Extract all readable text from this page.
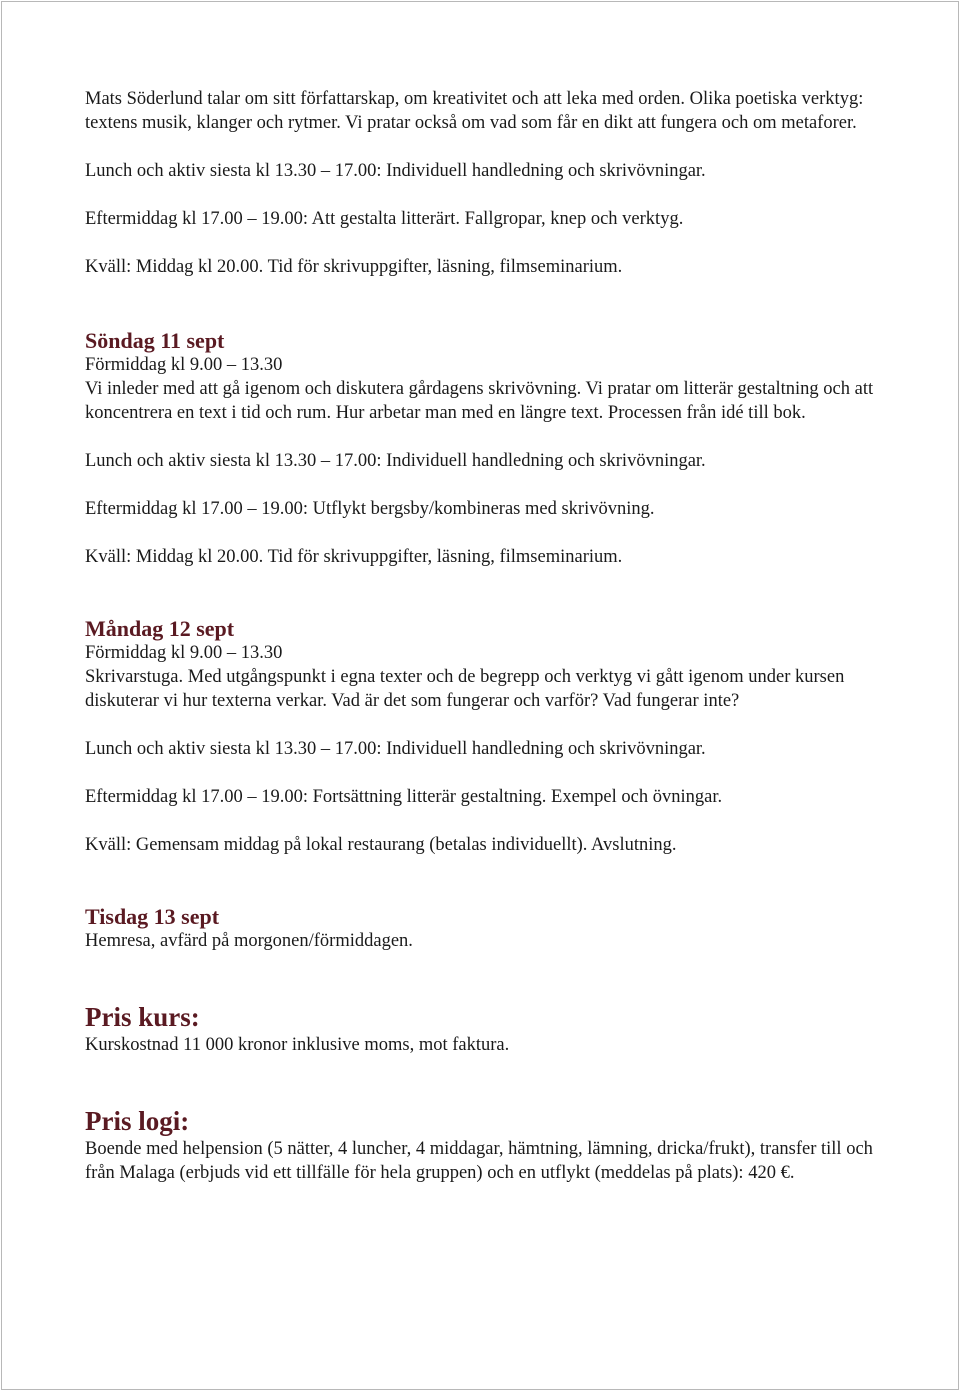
Mats Söderlund talar om sitt författarskap, om kreativitet och att leka med orden. Olika poetiska verktyg: textens musik, klanger och rytmer. Vi pratar också om vad som får en dikt att fungera och om metaforer.

Lunch och aktiv siesta kl 13.30 – 17.00: Individuell handledning och skrivövningar.

Eftermiddag kl 17.00 – 19.00: Att gestalta litterärt. Fallgropar, knep och verktyg.

Kväll: Middag kl 20.00. Tid för skrivuppgifter, läsning, filmseminarium.

Söndag 11 sept

Förmiddag kl 9.00 – 13.30

Vi inleder med att gå igenom och diskutera gårdagens skrivövning. Vi pratar om litterär gestaltning och att koncentrera en text i tid och rum. Hur arbetar man med en längre text. Processen från idé till bok.

Lunch och aktiv siesta kl 13.30 – 17.00: Individuell handledning och skrivövningar.

Eftermiddag kl 17.00 – 19.00: Utflykt bergsby/kombineras med skrivövning.

Kväll: Middag kl 20.00. Tid för skrivuppgifter, läsning, filmseminarium.

Måndag 12 sept

Förmiddag kl 9.00 – 13.30

Skrivarstuga. Med utgångspunkt i egna texter och de begrepp och verktyg vi gått igenom under kursen diskuterar vi hur texterna verkar. Vad är det som fungerar och varför? Vad fungerar inte?

Lunch och aktiv siesta kl 13.30 – 17.00: Individuell handledning och skrivövningar.

Eftermiddag kl 17.00 – 19.00: Fortsättning litterär gestaltning. Exempel och övningar.

Kväll: Gemensam middag på lokal restaurang (betalas individuellt). Avslutning.

Tisdag 13 sept

Hemresa, avfärd på morgonen/förmiddagen.

Pris kurs:

Kurskostnad 11 000 kronor inklusive moms, mot faktura.

Pris logi:

Boende med helpension (5 nätter, 4 luncher, 4 middagar, hämtning, lämning, dricka/frukt), transfer till och från Malaga (erbjuds vid ett tillfälle för hela gruppen) och en utflykt (meddelas på plats): 420 €.
